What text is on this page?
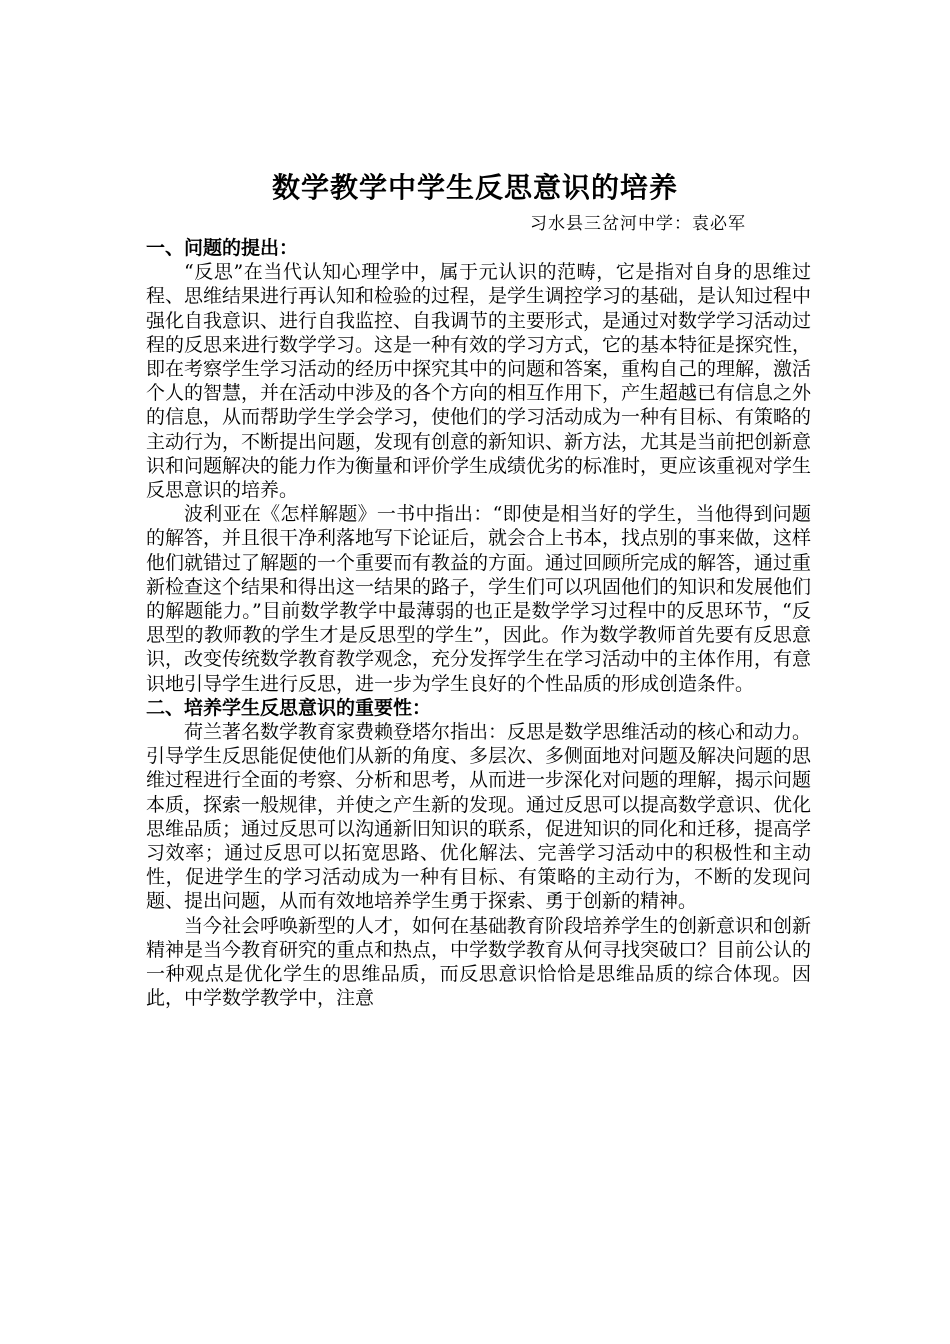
数学教学中学生反思意识的培养

习水县三岔河中学：袁必军

一、问题的提出：

“反思”在当代认知心理学中，属于元认识的范畴，它是指对自身的思维过程、思维结果进行再认知和检验的过程，是学生调控学习的基础，是认知过程中强化自我意识、进行自我监控、自我调节的主要形式，是通过对数学学习活动过程的反思来进行数学学习。这是一种有效的学习方式，它的基本特征是探究性，即在考察学生学习活动的经历中探究其中的问题和答案，重构自己的理解，激活个人的智慧，并在活动中涉及的各个方向的相互作用下，产生超越已有信息之外的信息，从而帮助学生学会学习，使他们的学习活动成为一种有目标、有策略的主动行为，不断提出问题，发现有创意的新知识、新方法，尤其是当前把创新意识和问题解决的能力作为衡量和评价学生成绩优劣的标准时，更应该重视对学生反思意识的培养。

波利亚在《怎样解题》一书中指出：“即使是相当好的学生，当他得到问题的解答，并且很干净利落地写下论证后，就会合上书本，找点别的事来做，这样他们就错过了解题的一个重要而有教益的方面。通过回顾所完成的解答，通过重新检查这个结果和得出这一结果的路子，学生们可以巩固他们的知识和发展他们的解题能力。”目前数学教学中最薄弱的也正是数学学习过程中的反思环节，“反思型的教师教的学生才是反思型的学生”，因此。作为数学教师首先要有反思意识，改变传统数学教育教学观念，充分发挥学生在学习活动中的主体作用，有意识地引导学生进行反思，进一步为学生良好的个性品质的形成创造条件。

二、培养学生反思意识的重要性：

荷兰著名数学教育家费赖登塔尔指出：反思是数学思维活动的核心和动力。引导学生反思能促使他们从新的角度、多层次、多侧面地对问题及解决问题的思维过程进行全面的考察、分析和思考，从而进一步深化对问题的理解，揭示问题本质，探索一般规律，并使之产生新的发现。通过反思可以提高数学意识、优化思维品质；通过反思可以沟通新旧知识的联系，促进知识的同化和迁移，提高学习效率；通过反思可以拓宽思路、优化解法、完善学习活动中的积极性和主动性，促进学生的学习活动成为一种有目标、有策略的主动行为，不断的发现问题、提出问题，从而有效地培养学生勇于探索、勇于创新的精神。

当今社会呼唤新型的人才，如何在基础教育阶段培养学生的创新意识和创新精神是当今教育研究的重点和热点，中学数学教育从何寻找突破口？目前公认的一种观点是优化学生的思维品质，而反思意识恰恰是思维品质的综合体现。因此，中学数学教学中，注意
